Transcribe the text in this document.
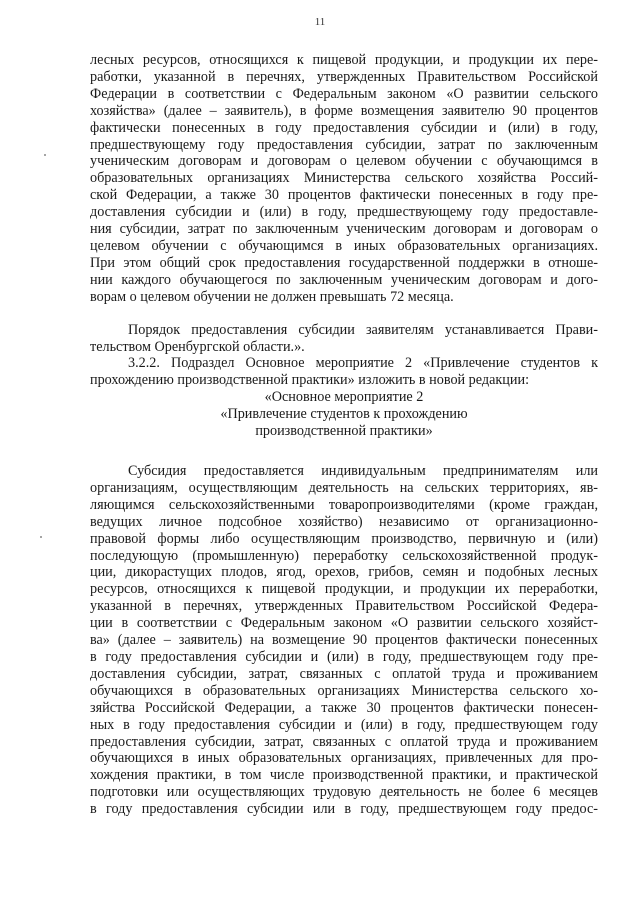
11
лесных ресурсов, относящихся к пищевой продукции, и продукции их пере-
работки, указанной в перечнях, утвержденных Правительством Российской
Федерации в соответствии с Федеральным законом «О развитии сельского
хозяйства» (далее – заявитель), в форме возмещения заявителю 90 процентов
фактически понесенных в году предоставления субсидии и (или) в году,
предшествующему году предоставления субсидии, затрат по заключенным
ученическим договорам и договорам о целевом обучении с обучающимся в
образовательных организациях Министерства сельского хозяйства Россий-
ской Федерации, а также 30 процентов фактически понесенных в году пре-
доставления субсидии и (или) в году, предшествующему году предоставле-
ния субсидии, затрат по заключенным ученическим договорам и договорам о
целевом обучении с обучающимся в иных образовательных организациях.
При этом общий срок предоставления государственной поддержки в отноше-
нии каждого обучающегося по заключенным ученическим договорам и дого-
ворам о целевом обучении не должен превышать 72 месяца.
Порядок предоставления субсидии заявителям устанавливается Прави-
тельством Оренбургской области.».
3.2.2. Подраздел Основное мероприятие 2 «Привлечение студентов к
прохождению производственной практики» изложить в новой редакции:
«Основное мероприятие 2
«Привлечение студентов к прохождению
производственной практики»
Субсидия предоставляется индивидуальным предпринимателям или
организациям, осуществляющим деятельность на сельских территориях, яв-
ляющимся сельскохозяйственными товаропроизводителями (кроме граждан,
ведущих личное подсобное хозяйство) независимо от организационно-
правовой формы либо осуществляющим производство, первичную и (или)
последующую (промышленную) переработку сельскохозяйственной продук-
ции, дикорастущих плодов, ягод, орехов, грибов, семян и подобных лесных
ресурсов, относящихся к пищевой продукции, и продукции их переработки,
указанной в перечнях, утвержденных Правительством Российской Федера-
ции в соответствии с Федеральным законом «О развитии сельского хозяйст-
ва» (далее – заявитель) на возмещение 90 процентов фактически понесенных
в году предоставления субсидии и (или) в году, предшествующем году пре-
доставления субсидии, затрат, связанных с оплатой труда и проживанием
обучающихся в образовательных организациях Министерства сельского хо-
зяйства Российской Федерации, а также 30 процентов фактически понесен-
ных в году предоставления субсидии и (или) в году, предшествующем году
предоставления субсидии, затрат, связанных с оплатой труда и проживанием
обучающихся в иных образовательных организациях, привлеченных для про-
хождения практики, в том числе производственной практики, и практической
подготовки или осуществляющих трудовую деятельность не более 6 месяцев
в году предоставления субсидии или в году, предшествующем году предос-
